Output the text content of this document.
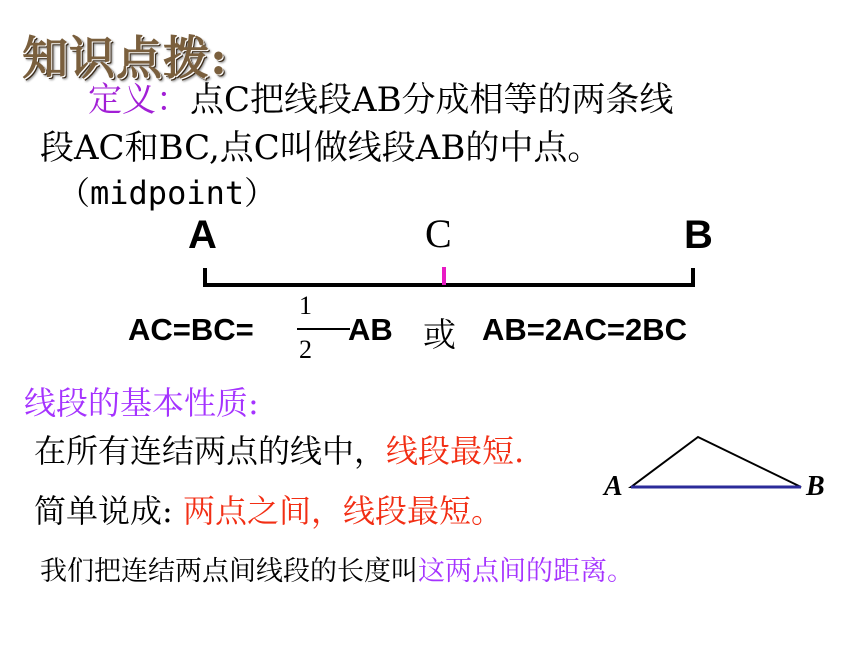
知识点拨:
定义：点C把线段AB分成相等的两条线
段AC和BC,点C叫做线段AB的中点。
（midpoint）
A	C	B
AC=BC=
1
2
AB 或 AB=2AC=2BC
线段的基本性质:
在所有连结两点的线中，线段最短.
简单说成: 两点之间，线段最短。
A	B
我们把连结两点间线段的长度叫这两点间的距离。
